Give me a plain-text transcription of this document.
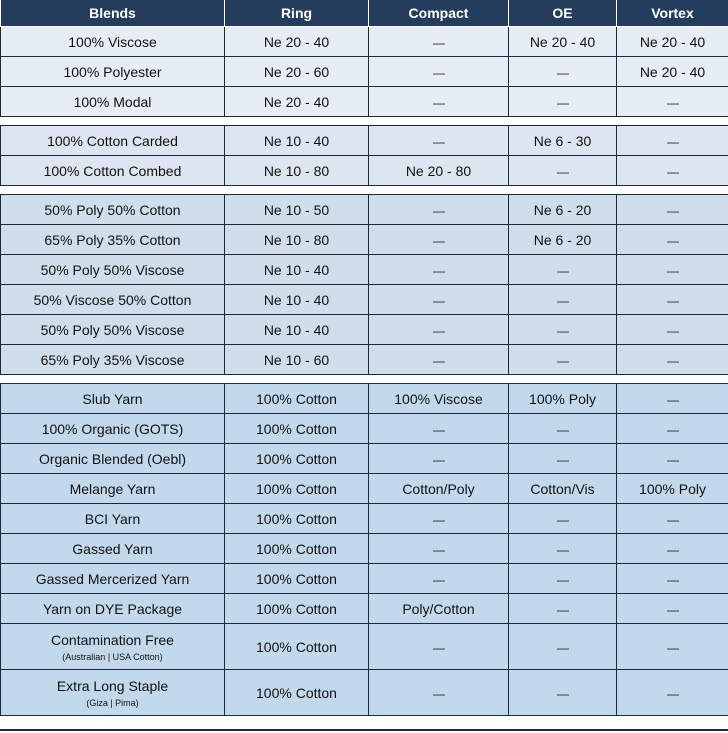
Blends	Ring	Compact	OE	Vortex
100% Viscose	Ne 20 - 40	----	Ne 20 - 40	Ne 20 - 40
100% Polyester	Ne 20 - 60	----	----	Ne 20 - 40
100% Modal	Ne 20 - 40	----	----	----

100% Cotton Carded	Ne 10 - 40	----	Ne 6 - 30	----
100% Cotton Combed	Ne 10 - 80	Ne 20 - 80	----	----

50% Poly 50% Cotton	Ne 10 - 50	----	Ne 6 - 20	----
65% Poly 35% Cotton	Ne 10 - 80	----	Ne 6 - 20	----
50% Poly 50% Viscose	Ne 10 - 40	----	----	----
50% Viscose 50% Cotton	Ne 10 - 40	----	----	----
50% Poly 50% Viscose	Ne 10 - 40	----	----	----
65% Poly 35% Viscose	Ne 10 - 60	----	----	----

Slub Yarn	100% Cotton	100% Viscose	100% Poly	----
100% Organic (GOTS)	100% Cotton	----	----	----
Organic Blended (Oebl)	100% Cotton	----	----	----
Melange Yarn	100% Cotton	Cotton/Poly	Cotton/Vis	100% Poly
BCI Yarn	100% Cotton	----	----	----
Gassed Yarn	100% Cotton	----	----	----
Gassed Mercerized Yarn	100% Cotton	----	----	----
Yarn on DYE Package	100% Cotton	Poly/Cotton	----	----
Contamination Free
(Australian | USA Cotton)	100% Cotton	----	----	----
Extra Long Staple
(Giza | Pima)	100% Cotton	----	----	----
